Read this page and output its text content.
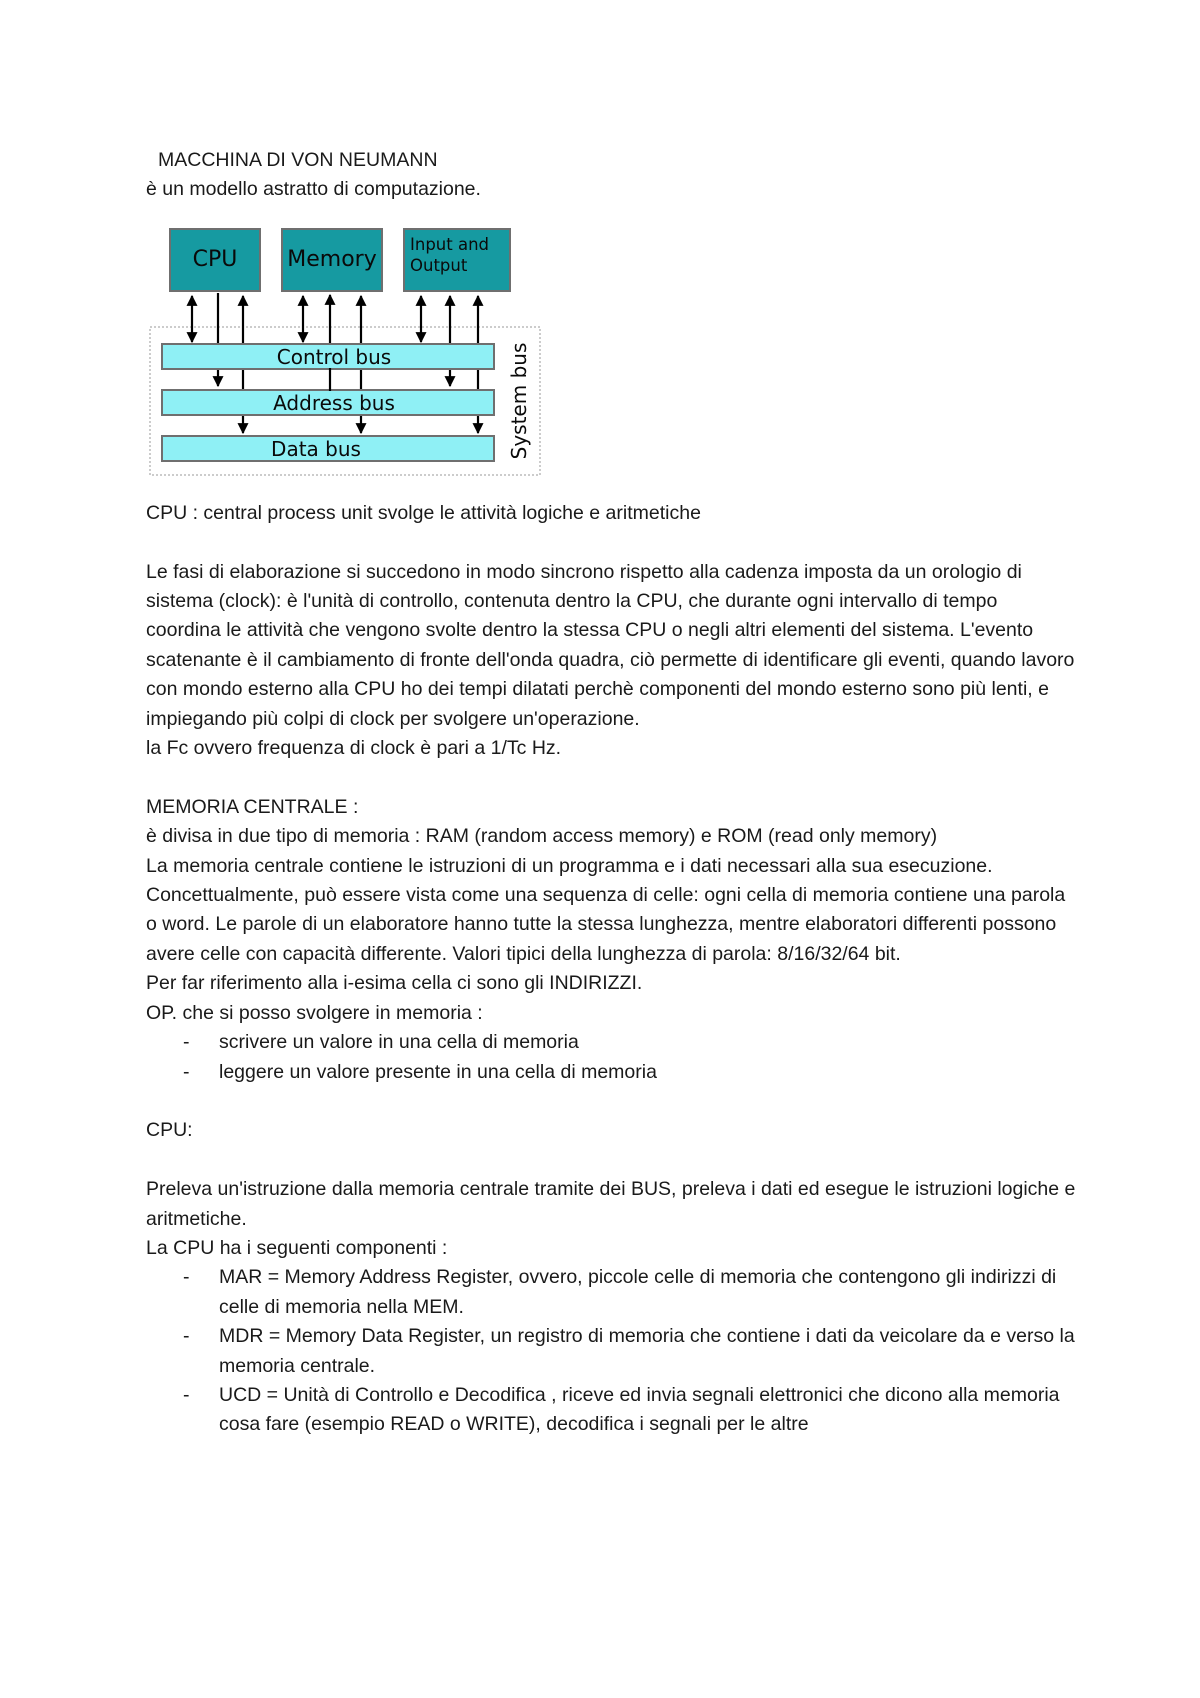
MACCHINA DI VON NEUMANN

è un modello astratto di computazione.

CPU Memory
Input and Output
Control bus
Address bus
Data bus	System bus

CPU : central process unit svolge le attività logiche e aritmetiche

Le fasi di elaborazione si succedono in modo sincrono rispetto alla cadenza imposta da un orologio di sistema (clock): è l'unità di controllo, contenuta dentro la CPU, che durante ogni intervallo di tempo coordina le attività che vengono svolte dentro la stessa CPU o negli altri elementi del sistema. L'evento scatenante è il cambiamento di fronte dell'onda quadra, ciò permette di identificare gli eventi, quando lavoro con mondo esterno alla CPU ho dei tempi dilatati perchè componenti del mondo esterno sono più lenti, e impiegando più colpi di clock per svolgere un'operazione.

la Fc ovvero frequenza di clock è pari a 1/Tc Hz.

MEMORIA CENTRALE :

è divisa in due tipo di memoria : RAM (random access memory) e ROM (read only memory)

La memoria centrale contiene le istruzioni di un programma e i dati necessari alla sua esecuzione.

Concettualmente, può essere vista come una sequenza di celle: ogni cella di memoria contiene una parola o word. Le parole di un elaboratore hanno tutte la stessa lunghezza, mentre elaboratori differenti possono avere celle con capacità differente. Valori tipici della lunghezza di parola: 8/16/32/64 bit.

Per far riferimento alla i-esima cella ci sono gli INDIRIZZI.

OP. che si posso svolgere in memoria :

- scrivere un valore in una cella di memoria
- leggere un valore presente in una cella di memoria

CPU:

Preleva un'istruzione dalla memoria centrale tramite dei BUS, preleva i dati ed esegue le istruzioni logiche e aritmetiche.

La CPU ha i seguenti componenti :

- MAR = Memory Address Register, ovvero, piccole celle di memoria che contengono gli indirizzi di celle di memoria nella MEM.
- MDR = Memory Data Register, un registro di memoria che contiene i dati da veicolare da e verso la memoria centrale.
- UCD = Unità di Controllo e Decodifica , riceve ed invia segnali elettronici che dicono alla memoria cosa fare (esempio READ o WRITE), decodifica i segnali per le altre
